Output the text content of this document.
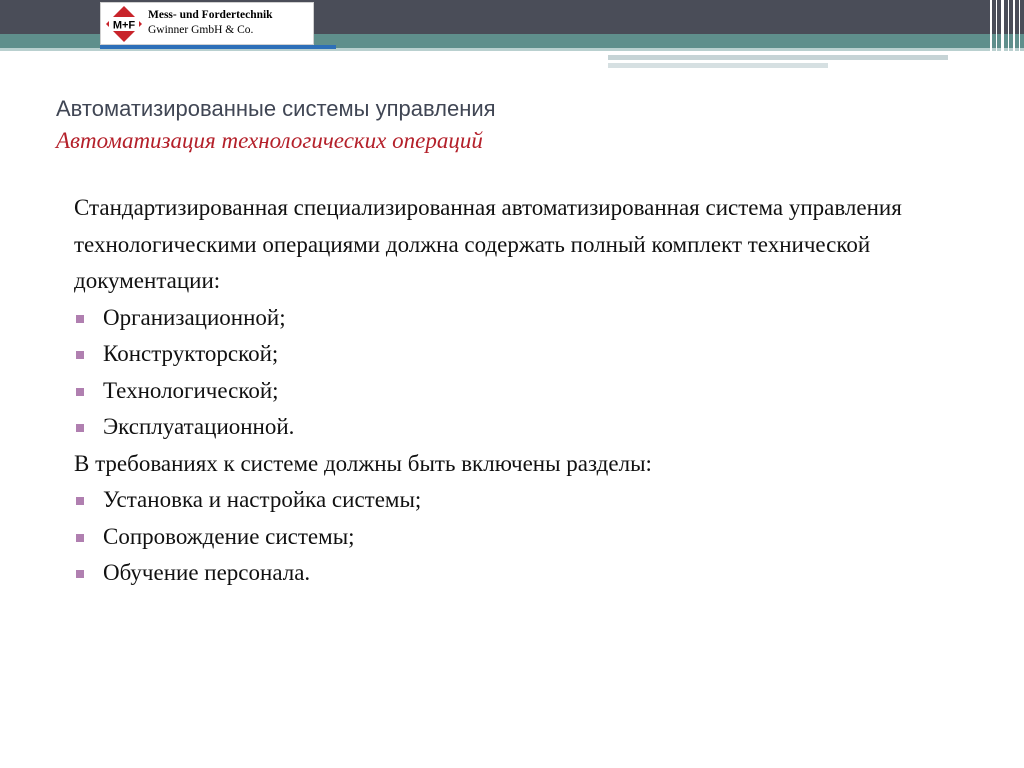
M+F
Mess- und Fordertechnik
Gwinner GmbH & Co.
Автоматизированные системы управления
Автоматизация технологических операций

Стандартизированная специализированная автоматизированная система управления технологическими операциями должна содержать полный комплект технической документации:

Организационной;
Конструкторской;
Технологической;
Эксплуатационной.

В требованиях к системе должны быть включены разделы:

Установка и настройка системы;
Сопровождение системы;
Обучение персонала.
